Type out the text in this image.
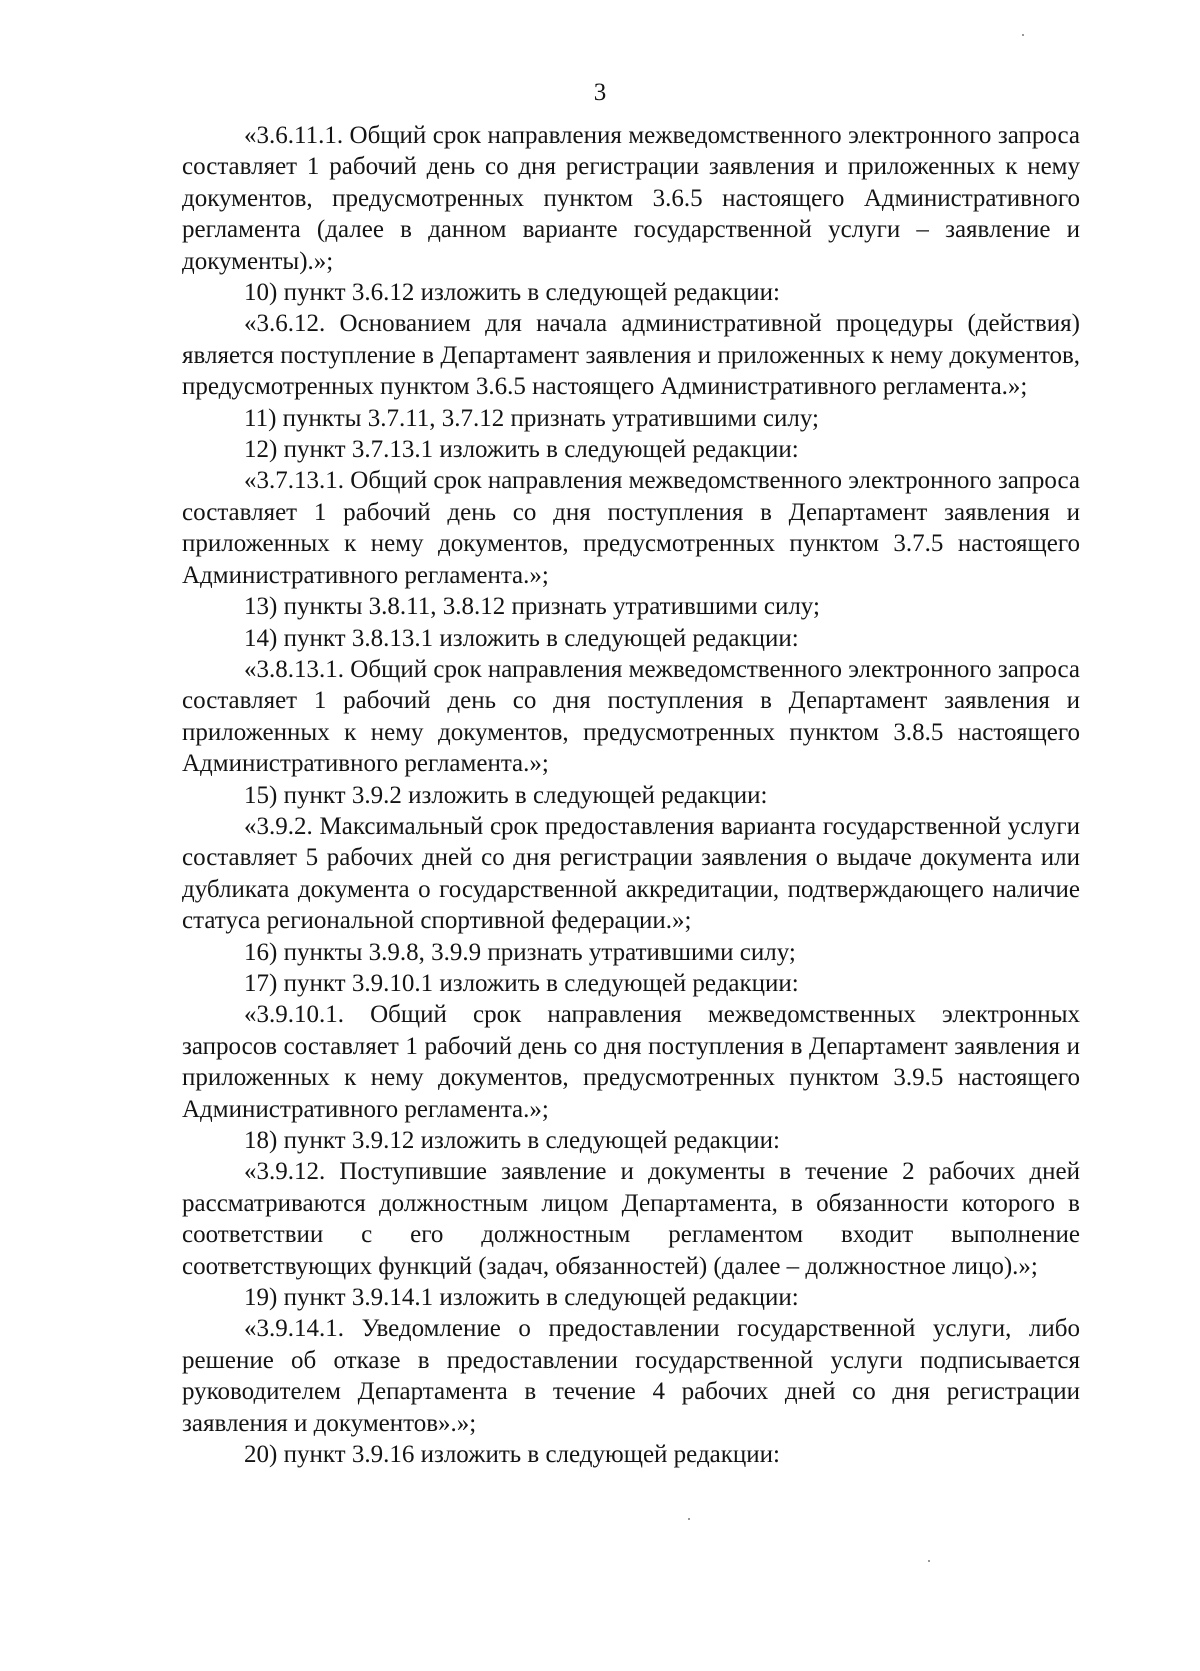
3

«3.6.11.1. Общий срок направления межведомственного электронного запроса составляет 1 рабочий день со дня регистрации заявления и приложенных к нему документов, предусмотренных пунктом 3.6.5 настоящего Административного регламента (далее в данном варианте государственной услуги – заявление и документы).»;

10) пункт 3.6.12 изложить в следующей редакции:

«3.6.12. Основанием для начала административной процедуры (действия) является поступление в Департамент заявления и приложенных к нему документов, предусмотренных пунктом 3.6.5 настоящего Административного регламента.»;

11) пункты 3.7.11, 3.7.12 признать утратившими силу;

12) пункт 3.7.13.1 изложить в следующей редакции:

«3.7.13.1. Общий срок направления межведомственного электронного запроса составляет 1 рабочий день со дня поступления в Департамент заявления и приложенных к нему документов, предусмотренных пунктом 3.7.5 настоящего Административного регламента.»;

13) пункты 3.8.11, 3.8.12 признать утратившими силу;

14) пункт 3.8.13.1 изложить в следующей редакции:

«3.8.13.1. Общий срок направления межведомственного электронного запроса составляет 1 рабочий день со дня поступления в Департамент заявления и приложенных к нему документов, предусмотренных пунктом 3.8.5 настоящего Административного регламента.»;

15) пункт 3.9.2 изложить в следующей редакции:

«3.9.2. Максимальный срок предоставления варианта государственной услуги составляет 5 рабочих дней со дня регистрации заявления о выдаче документа или дубликата документа о государственной аккредитации, подтверждающего наличие статуса региональной спортивной федерации.»;

16) пункты 3.9.8, 3.9.9 признать утратившими силу;

17) пункт 3.9.10.1 изложить в следующей редакции:

«3.9.10.1. Общий срок направления межведомственных электронных запросов составляет 1 рабочий день со дня поступления в Департамент заявления и приложенных к нему документов, предусмотренных пунктом 3.9.5 настоящего Административного регламента.»;

18) пункт 3.9.12 изложить в следующей редакции:

«3.9.12. Поступившие заявление и документы в течение 2 рабочих дней рассматриваются должностным лицом Департамента, в обязанности которого в соответствии с его должностным регламентом входит выполнение соответствующих функций (задач, обязанностей) (далее – должностное лицо).»;

19) пункт 3.9.14.1 изложить в следующей редакции:

«3.9.14.1. Уведомление о предоставлении государственной услуги, либо решение об отказе в предоставлении государственной услуги подписывается руководителем Департамента в течение 4 рабочих дней со дня регистрации заявления и документов».»;

20) пункт 3.9.16 изложить в следующей редакции:
